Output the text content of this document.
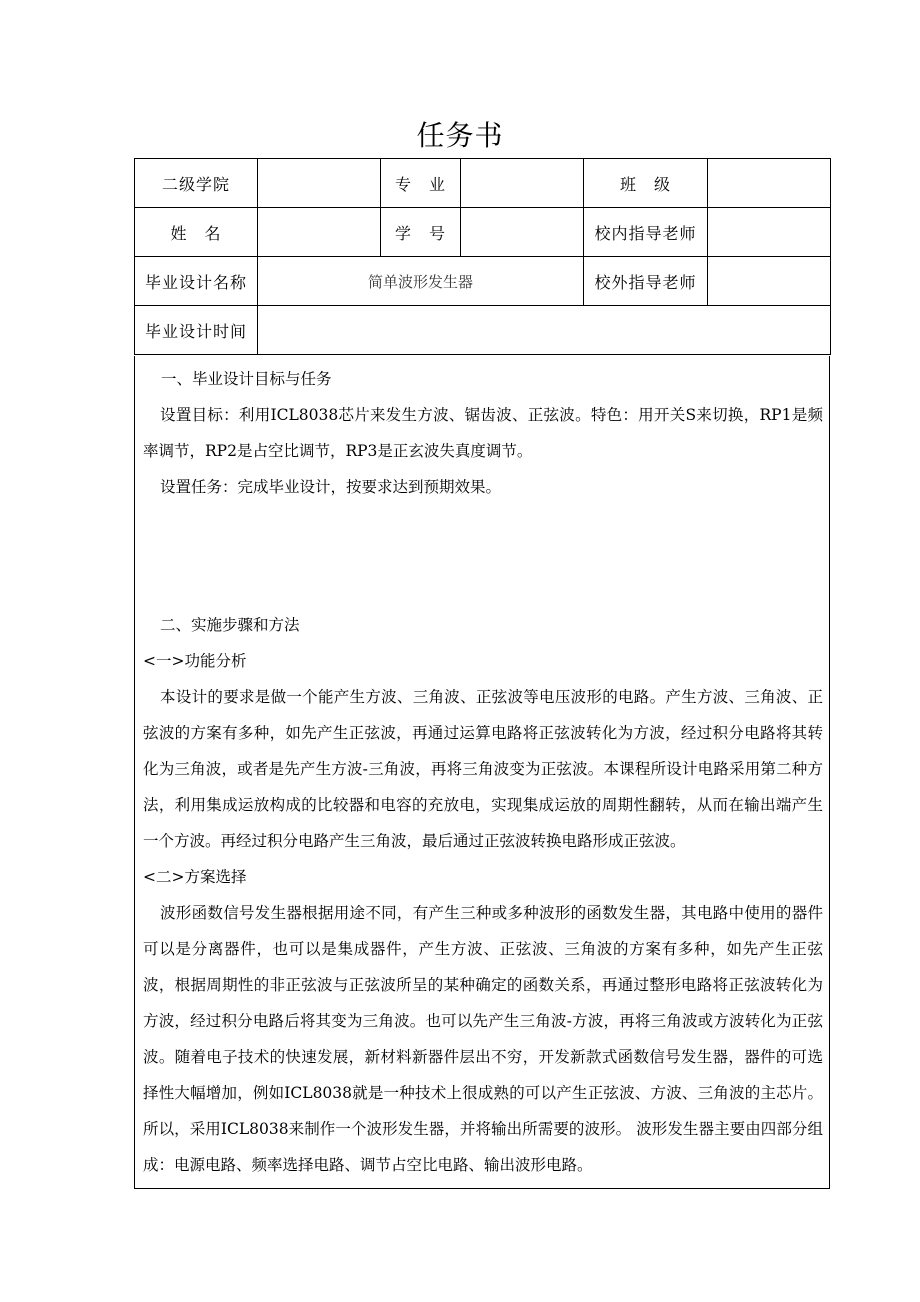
任务书
二级学院		专　业		班　级	
姓　名		学　号		校内指导老师	
毕业设计名称	简单波形发生器			校外指导老师	
毕业设计时间					

一、毕业设计目标与任务

设置目标：利用ICL8038芯片来发生方波、锯齿波、正弦波。特色：用开关S来切换，RP1是频率调节，RP2是占空比调节，RP3是正玄波失真度调节。

设置任务：完成毕业设计，按要求达到预期效果。

二、实施步骤和方法

<一>功能分析

本设计的要求是做一个能产生方波、三角波、正弦波等电压波形的电路。产生方波、三角波、正弦波的方案有多种，如先产生正弦波，再通过运算电路将正弦波转化为方波，经过积分电路将其转化为三角波，或者是先产生方波-三角波，再将三角波变为正弦波。本课程所设计电路采用第二种方法，利用集成运放构成的比较器和电容的充放电，实现集成运放的周期性翻转，从而在输出端产生一个方波。再经过积分电路产生三角波，最后通过正弦波转换电路形成正弦波。

<二>方案选择

波形函数信号发生器根据用途不同，有产生三种或多种波形的函数发生器，其电路中使用的器件可以是分离器件，也可以是集成器件，产生方波、正弦波、三角波的方案有多种，如先产生正弦波，根据周期性的非正弦波与正弦波所呈的某种确定的函数关系，再通过整形电路将正弦波转化为方波，经过积分电路后将其变为三角波。也可以先产生三角波-方波，再将三角波或方波转化为正弦波。随着电子技术的快速发展，新材料新器件层出不穷，开发新款式函数信号发生器，器件的可选择性大幅增加，例如ICL8038就是一种技术上很成熟的可以产生正弦波、方波、三角波的主芯片。所以，采用ICL8038来制作一个波形发生器，并将输出所需要的波形。 波形发生器主要由四部分组成：电源电路、频率选择电路、调节占空比电路、输出波形电路。
